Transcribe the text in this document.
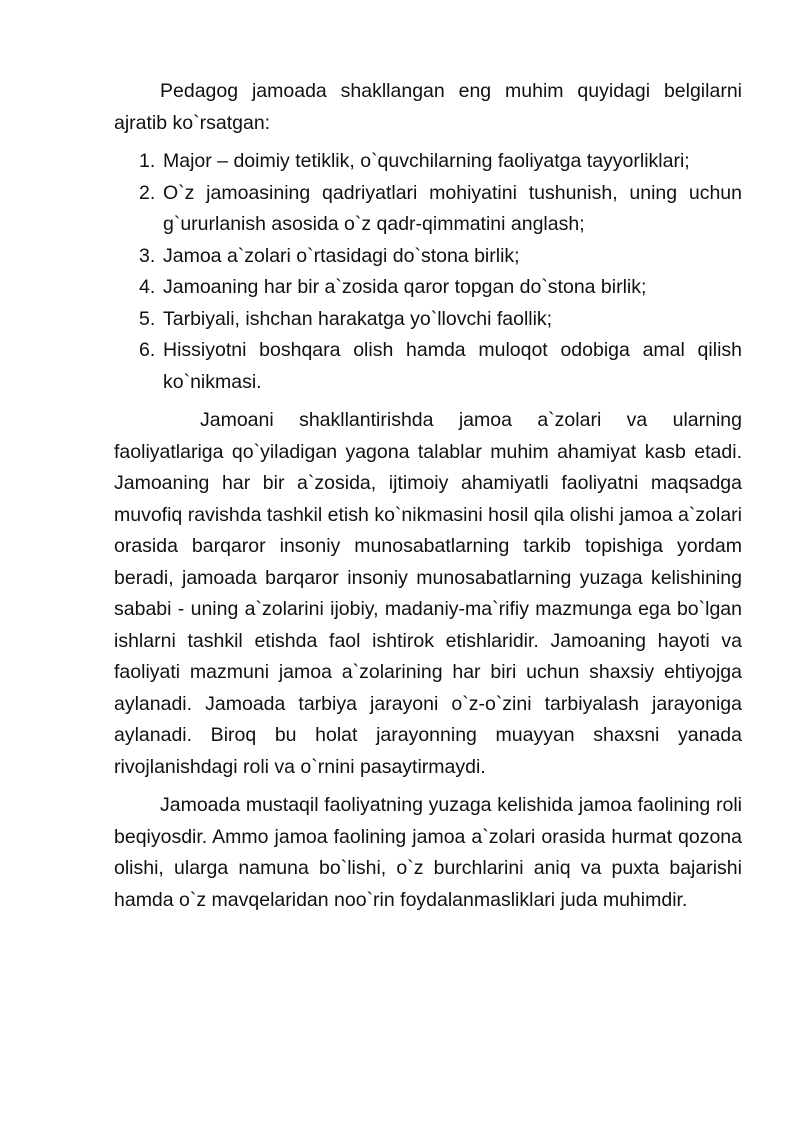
Pedagog jamoada shakllangan eng muhim quyidagi belgilarni ajratib ko`rsatgan:

1. Major – doimiy tetiklik, o`quvchilarning faoliyatga tayyorliklari;
2. O`z jamoasining qadriyatlari mohiyatini tushunish, uning uchun g`ururlanish asosida o`z qadr-qimmatini anglash;
3. Jamoa a`zolari o`rtasidagi do`stona birlik;
4. Jamoaning har bir a`zosida qaror topgan do`stona birlik;
5. Tarbiyali, ishchan harakatga yo`llovchi faollik;
6. Hissiyotni boshqara olish hamda muloqot odobiga amal qilish ko`nikmasi.

Jamoani shakllantirishda jamoa a`zolari va ularning faoliyatlariga qo`yiladigan yagona talablar muhim ahamiyat kasb etadi. Jamoaning har bir a`zosida, ijtimoiy ahamiyatli faoliyatni maqsadga muvofiq ravishda tashkil etish ko`nikmasini hosil qila olishi jamoa a`zolari orasida barqaror insoniy munosabatlarning tarkib topishiga yordam beradi, jamoada barqaror insoniy munosabatlarning yuzaga kelishining sababi - uning a`zolarini ijobiy, madaniy-ma`rifiy mazmunga ega bo`lgan ishlarni tashkil etishda faol ishtirok etishlaridir. Jamoaning hayoti va faoliyati mazmuni jamoa a`zolarining har biri uchun shaxsiy ehtiyojga aylanadi. Jamoada tarbiya jarayoni o`z-o`zini tarbiyalash jarayoniga aylanadi. Biroq bu holat jarayonning muayyan shaxsni yanada rivojlanishdagi roli va o`rnini pasaytirmaydi.

Jamoada mustaqil faoliyatning yuzaga kelishida jamoa faolining roli beqiyosdir. Ammo jamoa faolining jamoa a`zolari orasida hurmat qozona olishi, ularga namuna bo`lishi, o`z burchlarini aniq va puxta bajarishi hamda o`z mavqelaridan noo`rin foydalanmasliklari juda muhimdir.
